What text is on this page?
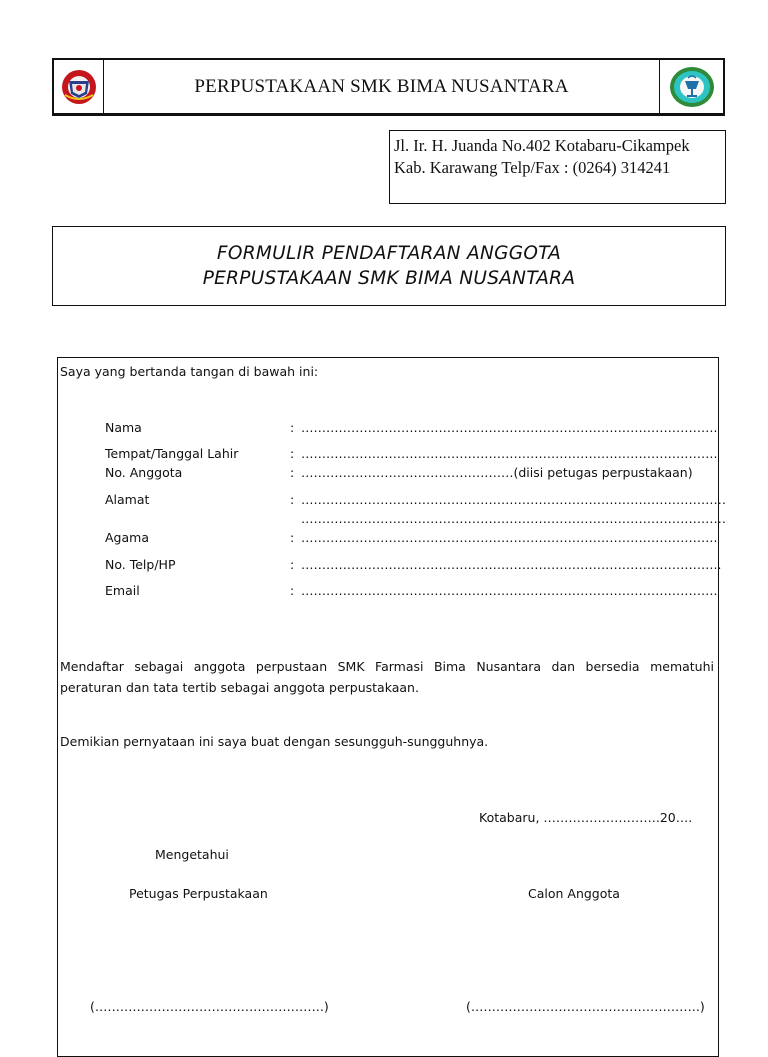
PERPUSTAKAAN SMK BIMA NUSANTARA
Jl. Ir. H. Juanda No.402 Kotabaru-Cikampek
Kab. Karawang Telp/Fax : (0264) 314241
FORMULIR PENDAFTARAN ANGGOTA
PERPUSTAKAAN SMK BIMA NUSANTARA
Saya yang bertanda tangan di bawah ini:
Nama	: ……………………………………………………………………………………….
Tempat/Tanggal Lahir	: ……………………………………………………………………………………….
No. Anggota	: ……………………………………………(diisi petugas perpustakaan)
Alamat	: …………………………………………………………………………………………
…………………………………………………………………………………………
Agama	: ……………………………………………………………………………………….
No. Telp/HP	: ………………………………………………………………………………………..
Email	: ……………………………………………………………………………………….
Mendaftar sebagai anggota perpustaan SMK Farmasi Bima Nusantara dan bersedia mematuhi peraturan dan tata tertib sebagai anggota perpustakaan.
Demikian pernyataan ini saya buat dengan sesungguh-sungguhnya.
Kotabaru, ……………………….20….
Mengetahui
Petugas Perpustakaan	Calon Anggota
(……………………………………………….)	(……………………………………………….)
